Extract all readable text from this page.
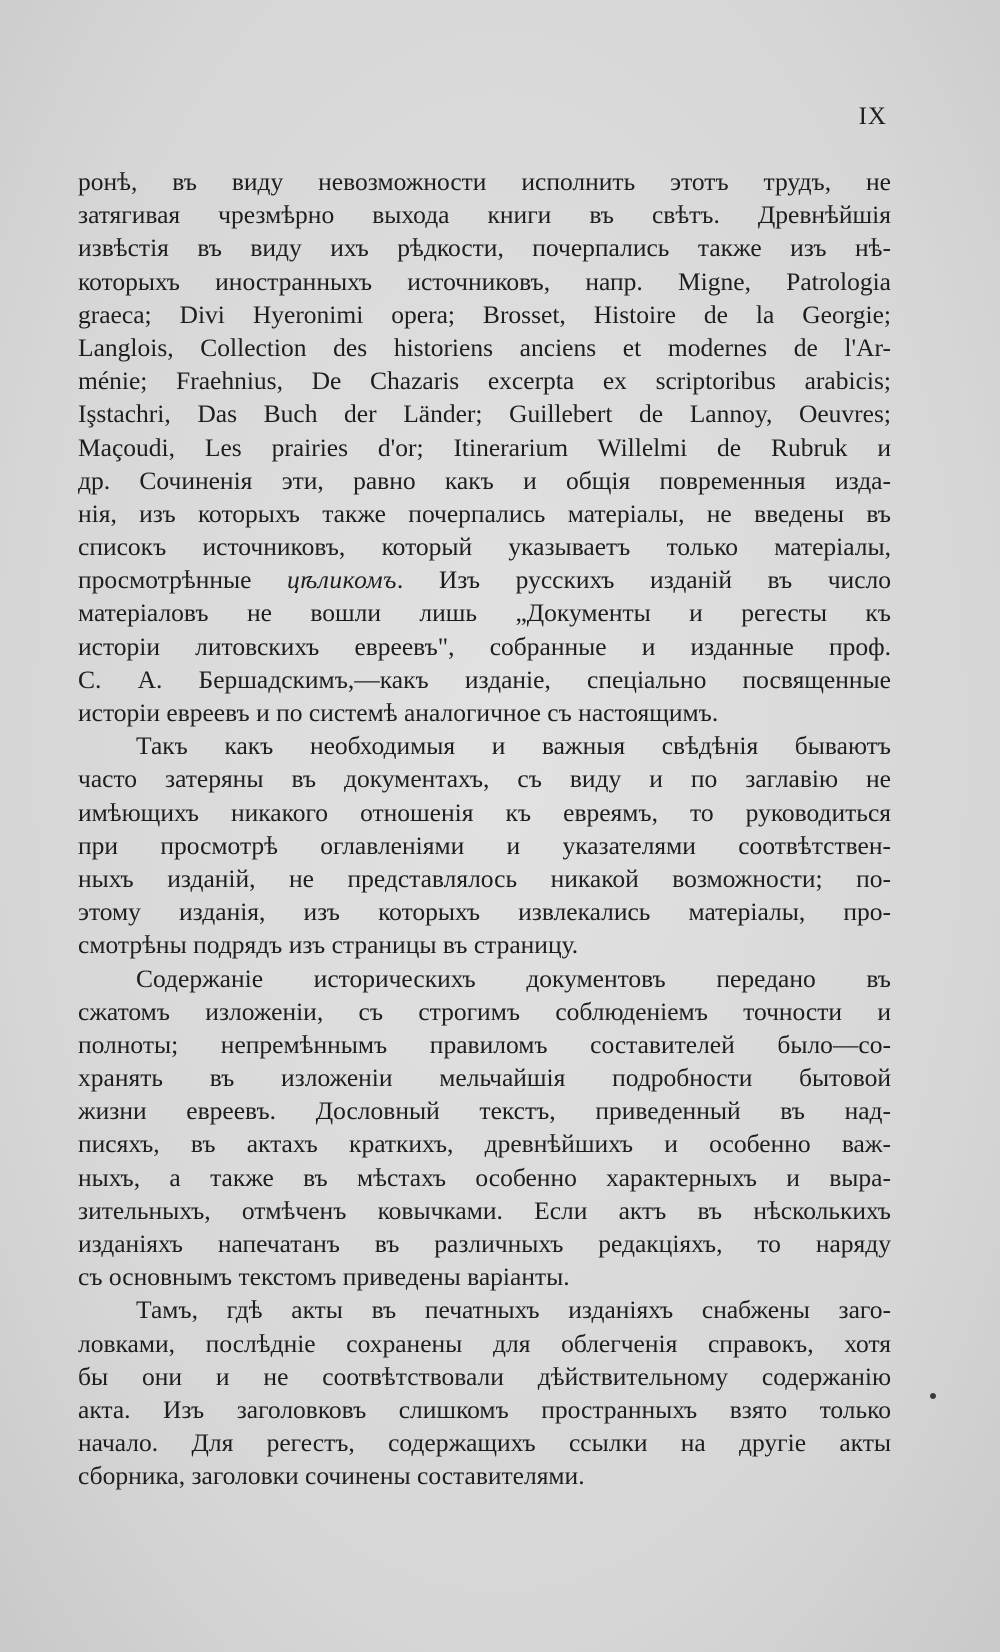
IX
ронѣ, въ виду невозможности исполнить этотъ трудъ, не
затягивая чрезмѣрно выхода книги въ свѣтъ. Древнѣйшія
извѣстія въ виду ихъ рѣдкости, почерпались также изъ нѣ-
которыхъ иностранныхъ источниковъ, напр. Migne, Patrologia
graeca; Divi Hyeronimi opera; Brosset, Histoire de la Georgie;
Langlois, Collection des historiens anciens et modernes de l'Ar-
ménie; Fraehnius, De Chazaris excerpta ex scriptoribus arabicis;
Işstachri, Das Buch der Länder; Guillebert de Lannoy, Oeuvres;
Maçoudi, Les prairies d'or; Itinerarium Willelmi de Rubruk и
др. Сочиненія эти, равно какъ и общія повременныя изда-
нія, изъ которыхъ также почерпались матеріалы, не введены въ
списокъ источниковъ, который указываетъ только матеріалы,
просмотрѣнные цѣликомъ. Изъ русскихъ изданій въ число
матеріаловъ не вошли лишь „Документы и регесты къ
исторіи литовскихъ евреевъ", собранные и изданные проф.
С. А. Бершадскимъ,—какъ изданіе, спеціально посвященные
исторіи евреевъ и по системѣ аналогичное съ настоящимъ.
Такъ какъ необходимыя и важныя свѣдѣнія бываютъ
часто затеряны въ документахъ, съ виду и по заглавію не
имѣющихъ никакого отношенія къ евреямъ, то руководиться
при просмотрѣ оглавленіями и указателями соотвѣтствен-
ныхъ изданій, не представлялось никакой возможности; по-
этому изданія, изъ которыхъ извлекались матеріалы, про-
смотрѣны подрядъ изъ страницы въ страницу.
Содержаніе историческихъ документовъ передано въ
сжатомъ изложеніи, съ строгимъ соблюденіемъ точности и
полноты; непремѣннымъ правиломъ составителей было—со-
хранять въ изложеніи мельчайшія подробности бытовой
жизни евреевъ. Дословный текстъ, приведенный въ над-
писяхъ, въ актахъ краткихъ, древнѣйшихъ и особенно важ-
ныхъ, а также въ мѣстахъ особенно характерныхъ и выра-
зительныхъ, отмѣченъ ковычками. Если актъ въ нѣсколькихъ
изданіяхъ напечатанъ въ различныхъ редакціяхъ, то наряду
съ основнымъ текстомъ приведены варіанты.
Тамъ, гдѣ акты въ печатныхъ изданіяхъ снабжены заго-
ловками, послѣдніе сохранены для облегченія справокъ, хотя
бы они и не соотвѣтствовали дѣйствительному содержанію
акта. Изъ заголовковъ слишкомъ пространныхъ взято только
начало. Для регестъ, содержащихъ ссылки на другіе акты
сборника, заголовки сочинены составителями.
